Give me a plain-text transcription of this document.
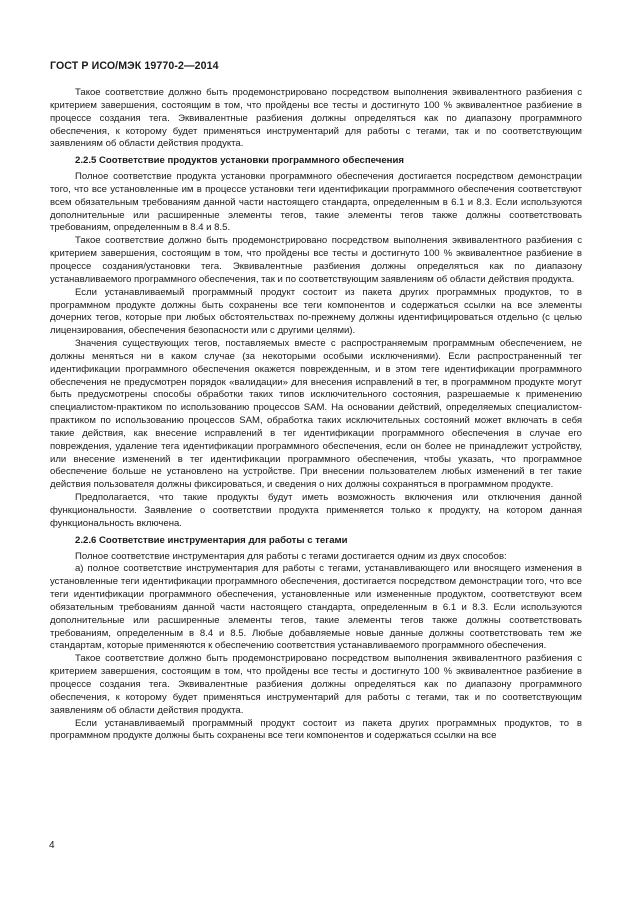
ГОСТ Р ИСО/МЭК 19770-2—2014

Такое соответствие должно быть продемонстрировано посредством выполнения эквивалентного разбиения с критерием завершения, состоящим в том, что пройдены все тесты и достигнуто 100 % эквивалентное разбиение в процессе создания тега. Эквивалентные разбиения должны определяться как по диапазону программного обеспечения, к которому будет применяться инструментарий для работы с тегами, так и по соответствующим заявлениям об области действия продукта.

2.2.5 Соответствие продуктов установки программного обеспечения

Полное соответствие продукта установки программного обеспечения достигается посредством демонстрации того, что все установленные им в процессе установки теги идентификации программного обеспечения соответствуют всем обязательным требованиям данной части настоящего стандарта, определенным в 6.1 и 8.3. Если используются дополнительные или расширенные элементы тегов, такие элементы тегов также должны соответствовать требованиям, определенным в 8.4 и 8.5.

Такое соответствие должно быть продемонстрировано посредством выполнения эквивалентного разбиения с критерием завершения, состоящим в том, что пройдены все тесты и достигнуто 100 % эквивалентное разбиение в процессе создания/установки тега. Эквивалентные разбиения должны определяться как по диапазону устанавливаемого программного обеспечения, так и по соответствующим заявлениям об области действия продукта.

Если устанавливаемый программный продукт состоит из пакета других программных продуктов, то в программном продукте должны быть сохранены все теги компонентов и содержаться ссылки на все элементы дочерних тегов, которые при любых обстоятельствах по-прежнему должны идентифицироваться отдельно (с целью лицензирования, обеспечения безопасности или с другими целями).

Значения существующих тегов, поставляемых вместе с распространяемым программным обеспечением, не должны меняться ни в каком случае (за некоторыми особыми исключениями). Если распространенный тег идентификации программного обеспечения окажется поврежденным, и в этом теге идентификации программного обеспечения не предусмотрен порядок «валидации» для внесения исправлений в тег, в программном продукте могут быть предусмотрены способы обработки таких типов исключительного состояния, разрешаемые к применению специалистом-практиком по использованию процессов SAM. На основании действий, определяемых специалистом-практиком по использованию процессов SAM, обработка таких исключительных состояний может включать в себя такие действия, как внесение исправлений в тег идентификации программного обеспечения в случае его повреждения, удаление тега идентификации программного обеспечения, если он более не принадлежит устройству, или внесение изменений в тег идентификации программного обеспечения, чтобы указать, что программное обеспечение больше не установлено на устройстве. При внесении пользователем любых изменений в тег такие действия пользователя должны фиксироваться, и сведения о них должны сохраняться в программном продукте.

Предполагается, что такие продукты будут иметь возможность включения или отключения данной функциональности. Заявление о соответствии продукта применяется только к продукту, на котором данная функциональность включена.

2.2.6 Соответствие инструментария для работы с тегами

Полное соответствие инструментария для работы с тегами достигается одним из двух способов:

а) полное соответствие инструментария для работы с тегами, устанавливающего или вносящего изменения в установленные теги идентификации программного обеспечения, достигается посредством демонстрации того, что все теги идентификации программного обеспечения, установленные или измененные продуктом, соответствуют всем обязательным требованиям данной части настоящего стандарта, определенным в 6.1 и 8.3. Если используются дополнительные или расширенные элементы тегов, такие элементы тегов также должны соответствовать требованиям, определенным в 8.4 и 8.5. Любые добавляемые новые данные должны соответствовать тем же стандартам, которые применяются к обеспечению соответствия устанавливаемого программного обеспечения.

Такое соответствие должно быть продемонстрировано посредством выполнения эквивалентного разбиения с критерием завершения, состоящим в том, что пройдены все тесты и достигнуто 100 % эквивалентное разбиение в процессе создания тега. Эквивалентные разбиения должны определяться как по диапазону программного обеспечения, к которому будет применяться инструментарий для работы с тегами, так и по соответствующим заявлениям об области действия продукта.

Если устанавливаемый программный продукт состоит из пакета других программных продуктов, то в программном продукте должны быть сохранены все теги компонентов и содержаться ссылки на все

4
